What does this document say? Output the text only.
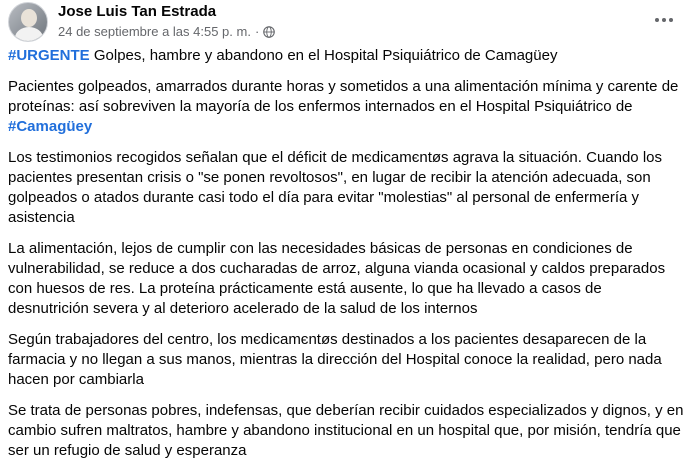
Jose Luis Tan Estrada
24 de septiembre a las 4:55 p. m. ·

#URGENTE Golpes, hambre y abandono en el Hospital Psiquiátrico de Camagüey

Pacientes golpeados, amarrados durante horas y sometidos a una alimentación mínima y carente de proteínas: así sobreviven la mayoría de los enfermos internados en el Hospital Psiquiátrico de #Camagüey

Los testimonios recogidos señalan que el déficit de mєdicamєntøs agrava la situación. Cuando los pacientes presentan crisis o "se ponen revoltosos", en lugar de recibir la atención adecuada, son golpeados o atados durante casi todo el día para evitar "molestias" al personal de enfermería y asistencia

La alimentación, lejos de cumplir con las necesidades básicas de personas en condiciones de vulnerabilidad, se reduce a dos cucharadas de arroz, alguna vianda ocasional y caldos preparados con huesos de res. La proteína prácticamente está ausente, lo que ha llevado a casos de desnutrición severa y al deterioro acelerado de la salud de los internos

Según trabajadores del centro, los mєdicamєntøs destinados a los pacientes desaparecen de la farmacia y no llegan a sus manos, mientras la dirección del Hospital conoce la realidad, pero nada hacen por cambiarla

Se trata de personas pobres, indefensas, que deberían recibir cuidados especializados y dignos, y en cambio sufren maltratos, hambre y abandono institucional en un hospital que, por misión, tendría que ser un refugio de salud y esperanza
